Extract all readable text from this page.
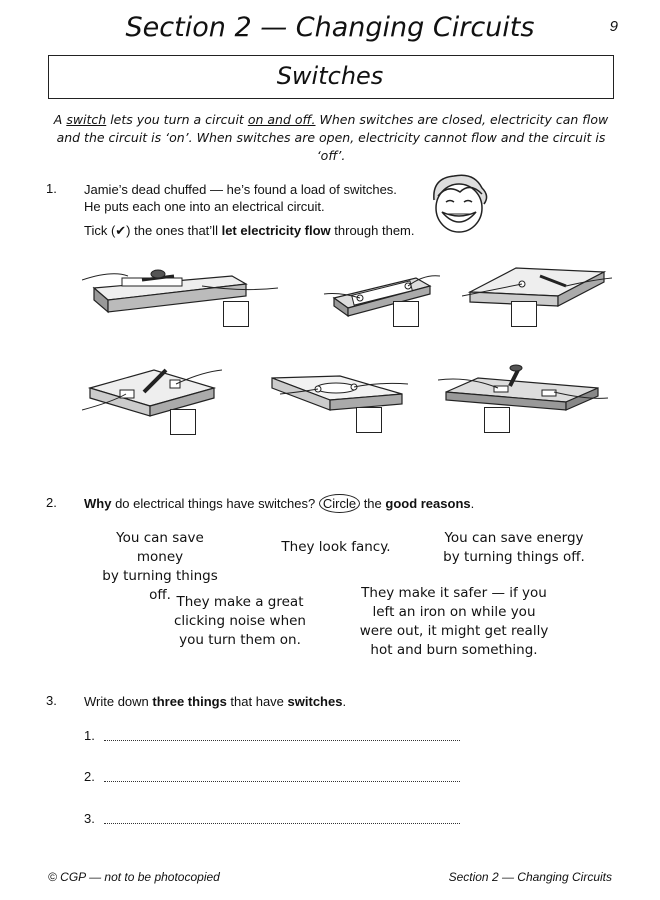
Section 2 — Changing Circuits	9
Switches
A switch lets you turn a circuit on and off. When switches are closed, electricity can flow and the circuit is ‘on’. When switches are open, electricity cannot flow and the circuit is ‘off’.
1. Jamie’s dead chuffed — he’s found a load of switches.
He puts each one into an electrical circuit.
Tick (✔) the ones that’ll let electricity flow through them.
2. Why do electrical things have switches? Circle the good reasons.
You can save money
by turning things off.
They look fancy.
You can save energy
by turning things off.
They make a great
clicking noise when
you turn them on.
They make it safer — if you
left an iron on while you
were out, it might get really
hot and burn something.
3. Write down three things that have switches.
1.
2.
3.
© CGP — not to be photocopied	Section 2 — Changing Circuits
